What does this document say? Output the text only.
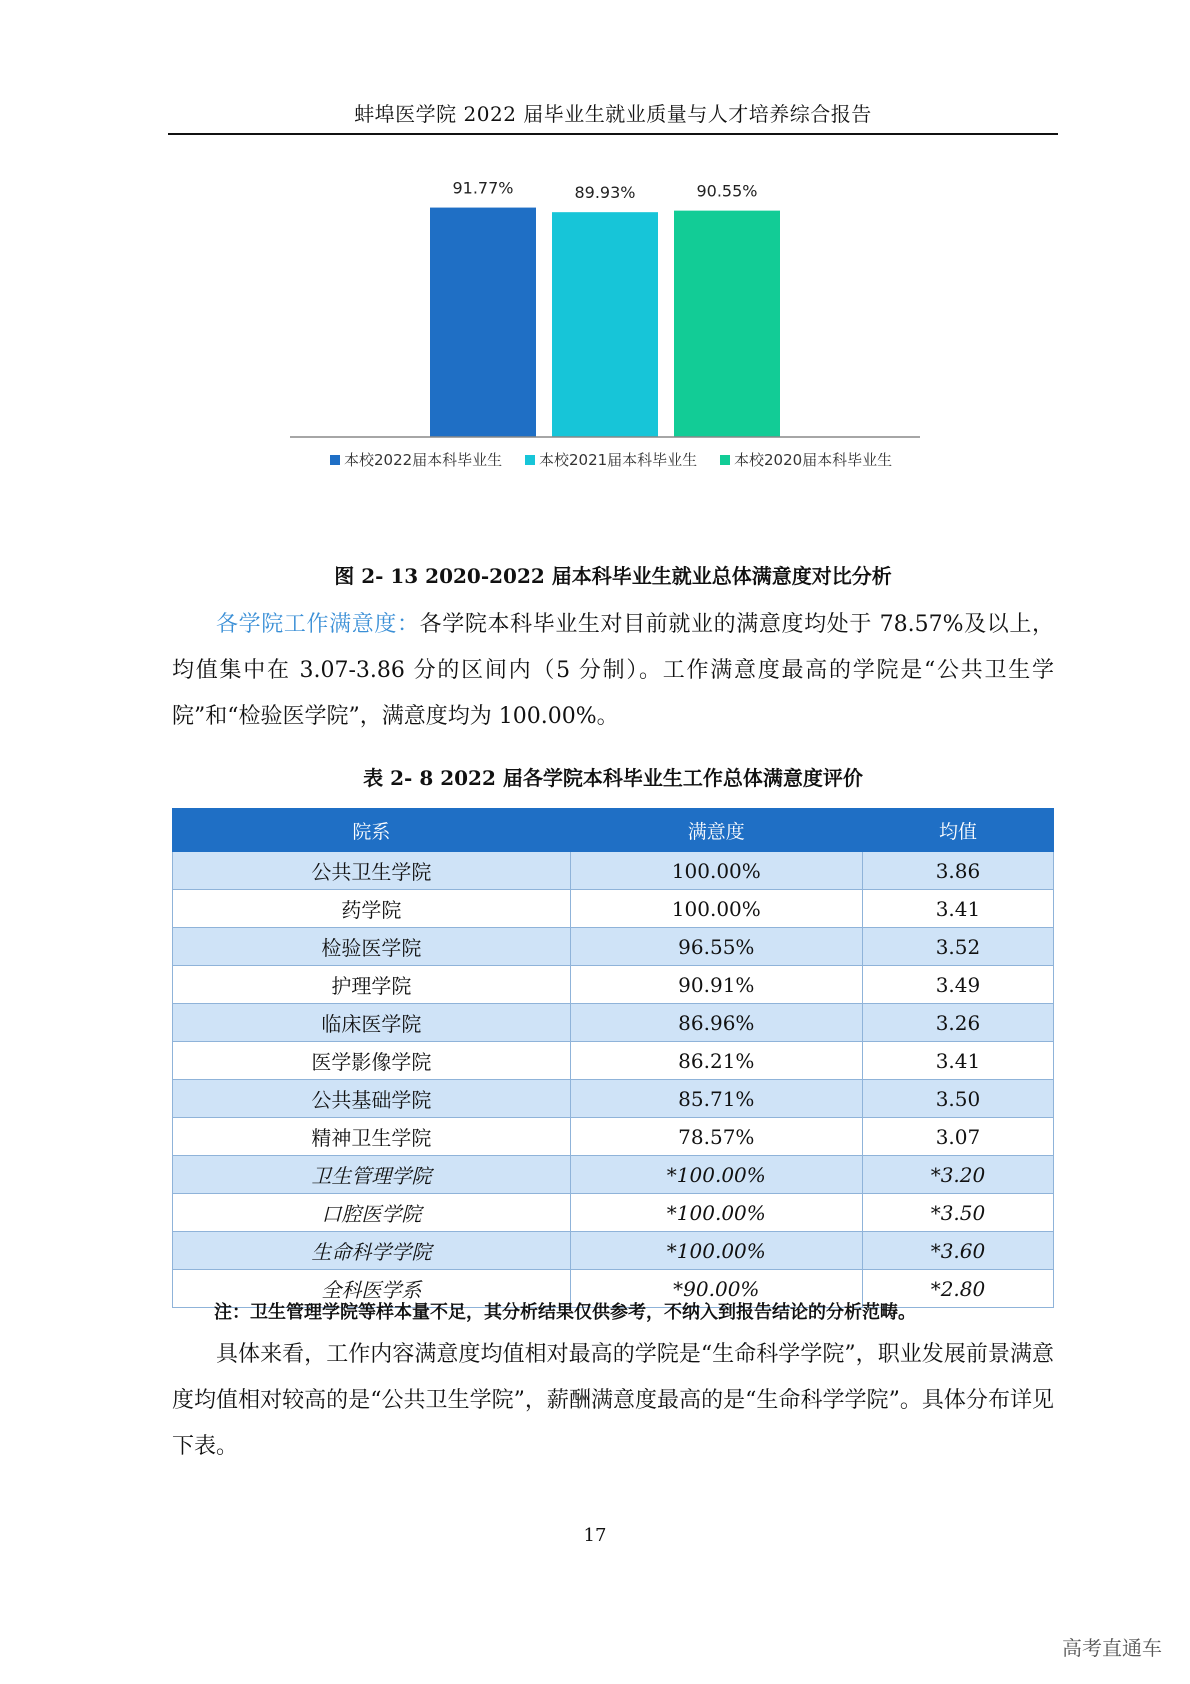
蚌埠医学院 2022 届毕业生就业质量与人才培养综合报告
91.77%	89.93%	90.55%
本校2022届本科毕业生 本校2021届本科毕业生 本校2020届本科毕业生
图 2- 13 2020-2022 届本科毕业生就业总体满意度对比分析
各学院工作满意度：各学院本科毕业生对目前就业的满意度均处于 78.57%及以上，均值集中在 3.07-3.86 分的区间内（5 分制）。工作满意度最高的学院是“公共卫生学院”和“检验医学院”，满意度均为 100.00%。
表 2- 8 2022 届各学院本科毕业生工作总体满意度评价
院系	满意度	均值
公共卫生学院	100.00%	3.86
药学院	100.00%	3.41
检验医学院	96.55%	3.52
护理学院	90.91%	3.49
临床医学院	86.96%	3.26
医学影像学院	86.21%	3.41
公共基础学院	85.71%	3.50
精神卫生学院	78.57%	3.07
卫生管理学院	*100.00%	*3.20
口腔医学院	*100.00%	*3.50
生命科学学院	*100.00%	*3.60
全科医学系	*90.00%	*2.80
注：卫生管理学院等样本量不足，其分析结果仅供参考，不纳入到报告结论的分析范畴。
具体来看，工作内容满意度均值相对最高的学院是“生命科学学院”，职业发展前景满意度均值相对较高的是“公共卫生学院”，薪酬满意度最高的是“生命科学学院”。具体分布详见下表。
17
高考直通车
